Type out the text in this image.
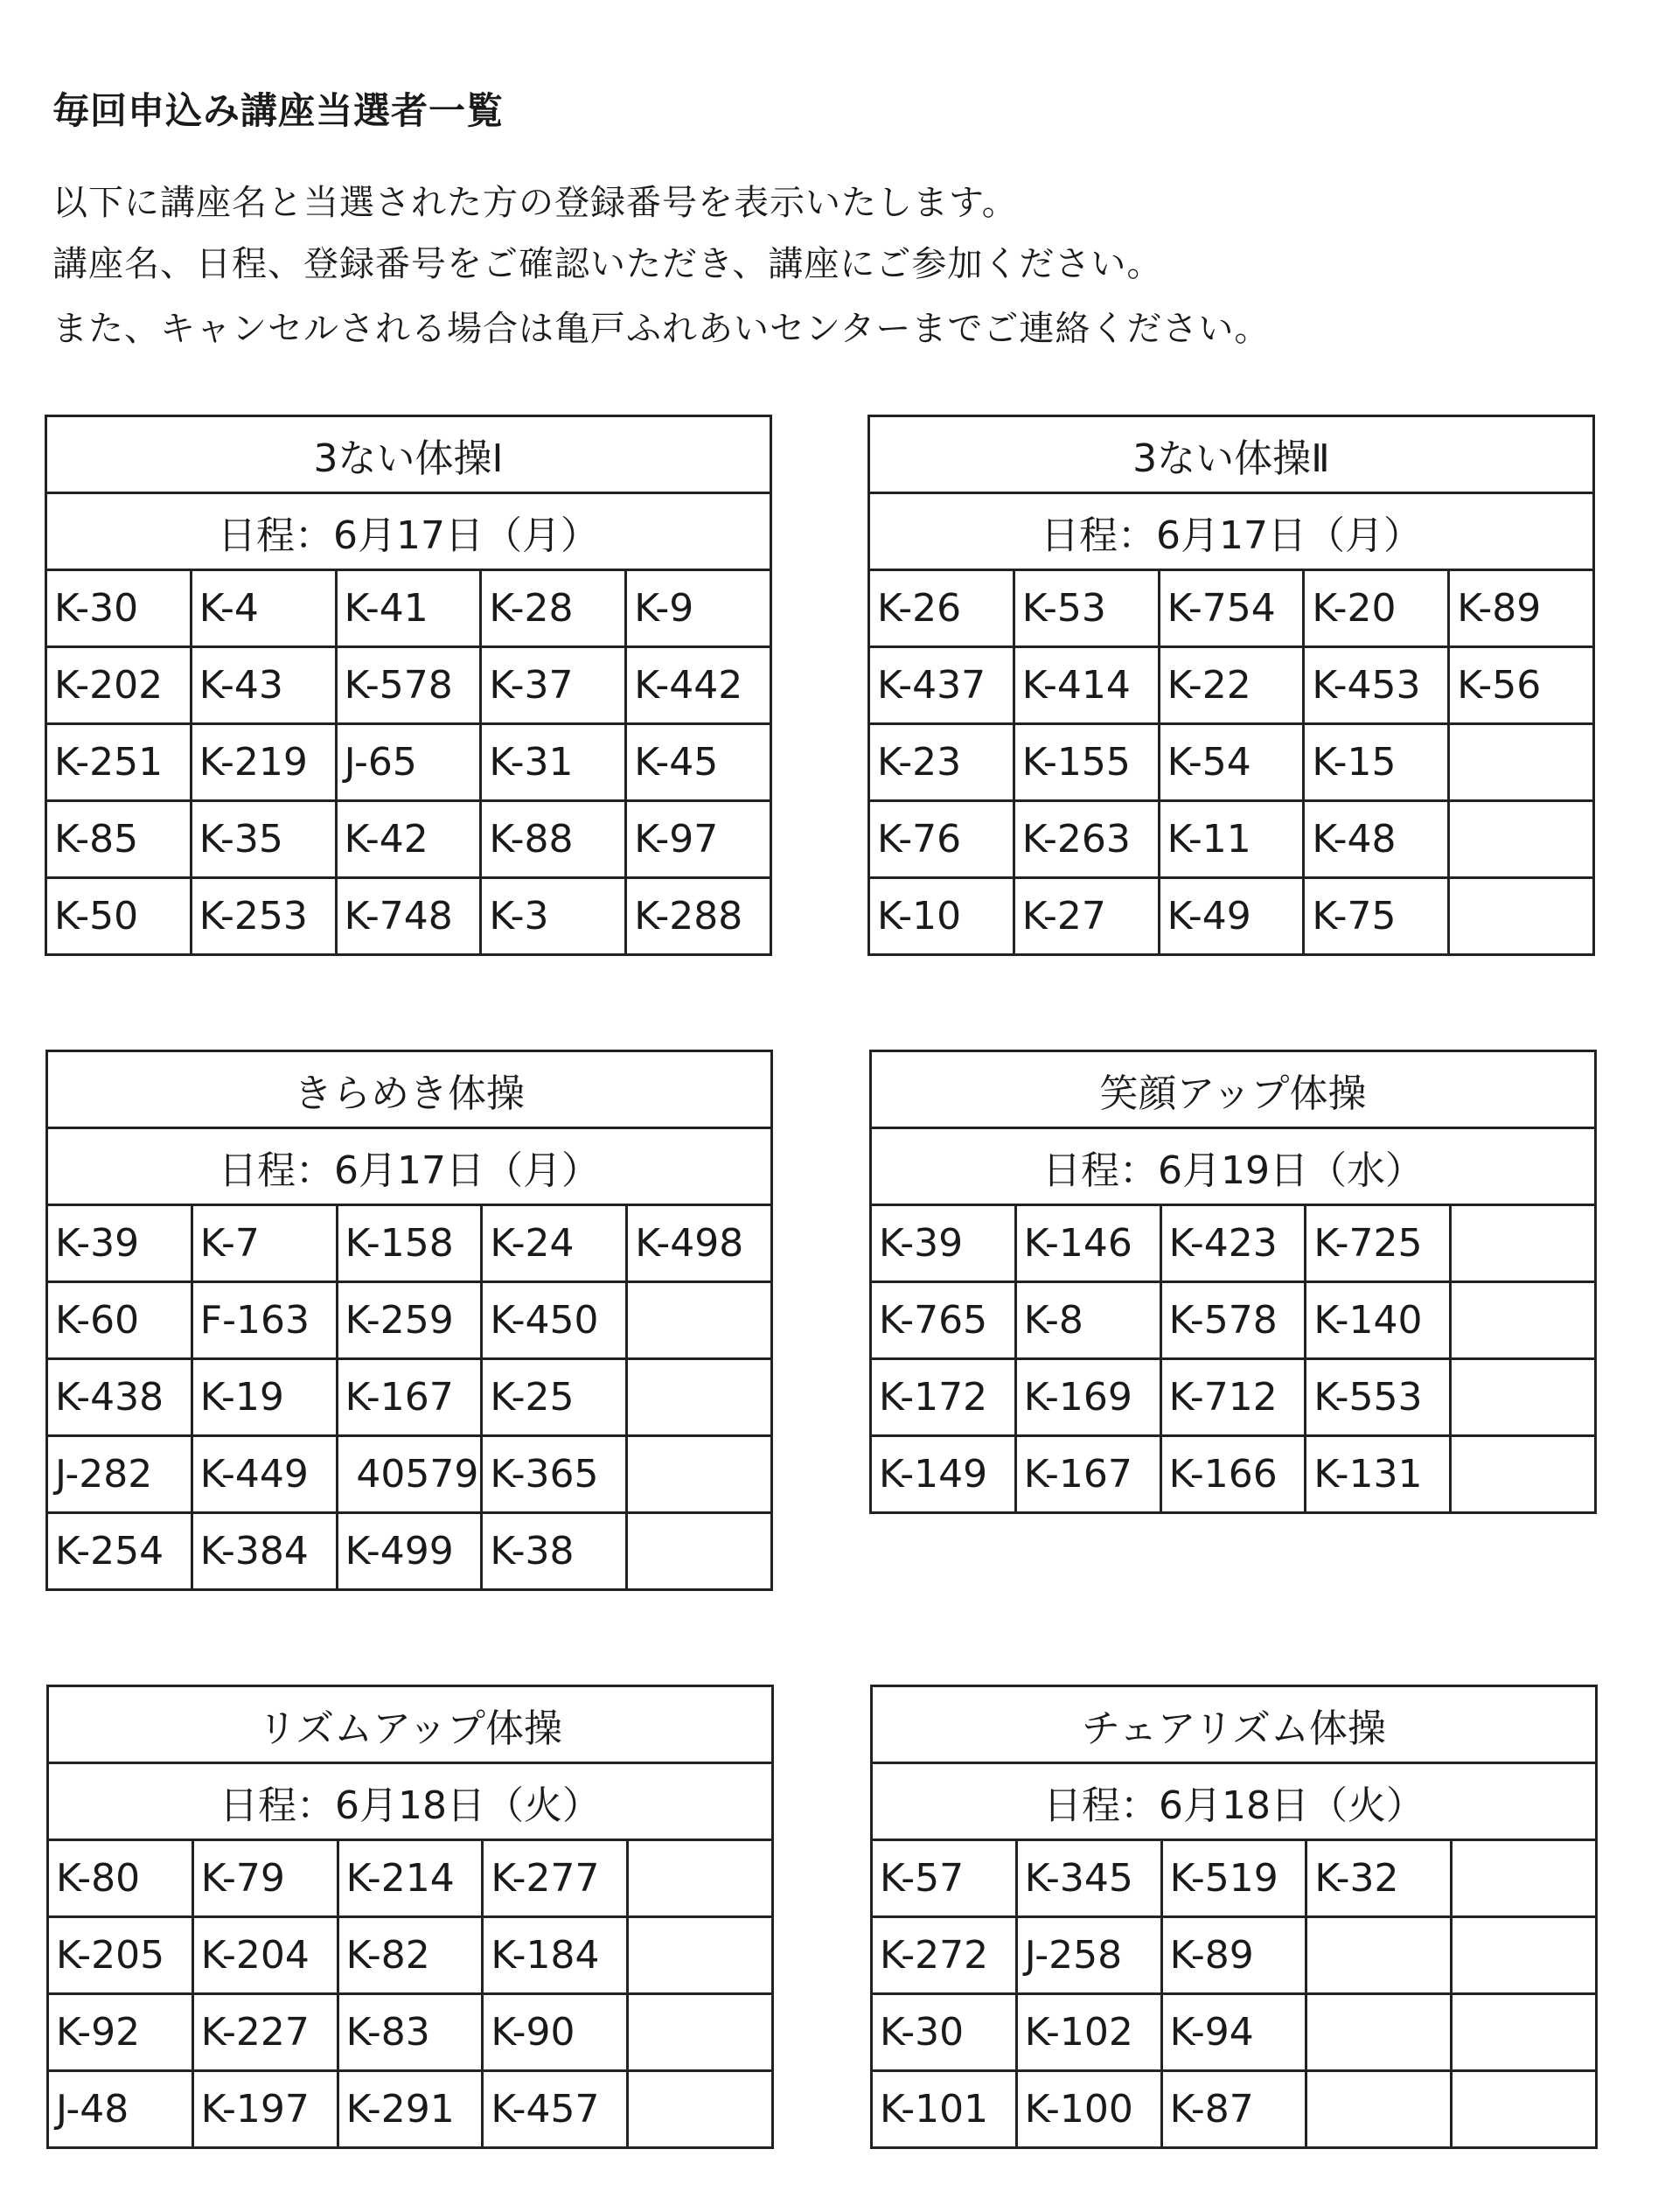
毎回申込み講座当選者一覧
以下に講座名と当選された方の登録番号を表示いたします。
講座名、日程、登録番号をご確認いただき、講座にご参加ください。
また、キャンセルされる場合は亀戸ふれあいセンターまでご連絡ください。
3ない体操Ⅰ				
日程：6月17日（月）				
K-30	K-4	K-41	K-28	K-9
K-202	K-43	K-578	K-37	K-442
K-251	K-219	J-65	K-31	K-45
K-85	K-35	K-42	K-88	K-97
K-50	K-253	K-748	K-3	K-288
3ない体操Ⅱ				
日程：6月17日（月）				
K-26	K-53	K-754	K-20	K-89
K-437	K-414	K-22	K-453	K-56
K-23	K-155	K-54	K-15	
K-76	K-263	K-11	K-48	
K-10	K-27	K-49	K-75	
きらめき体操				
日程：6月17日（月）				
K-39	K-7	K-158	K-24	K-498
K-60	F-163	K-259	K-450	
K-438	K-19	K-167	K-25	
J-282	K-449	40579	K-365	
K-254	K-384	K-499	K-38	
笑顔アップ体操				
日程：6月19日（水）				
K-39	K-146	K-423	K-725	
K-765	K-8	K-578	K-140	
K-172	K-169	K-712	K-553	
K-149	K-167	K-166	K-131	
リズムアップ体操				
日程：6月18日（火）				
K-80	K-79	K-214	K-277	
K-205	K-204	K-82	K-184	
K-92	K-227	K-83	K-90	
J-48	K-197	K-291	K-457	
チェアリズム体操				
日程：6月18日（火）				
K-57	K-345	K-519	K-32	
K-272	J-258	K-89		
K-30	K-102	K-94		
K-101	K-100	K-87		
